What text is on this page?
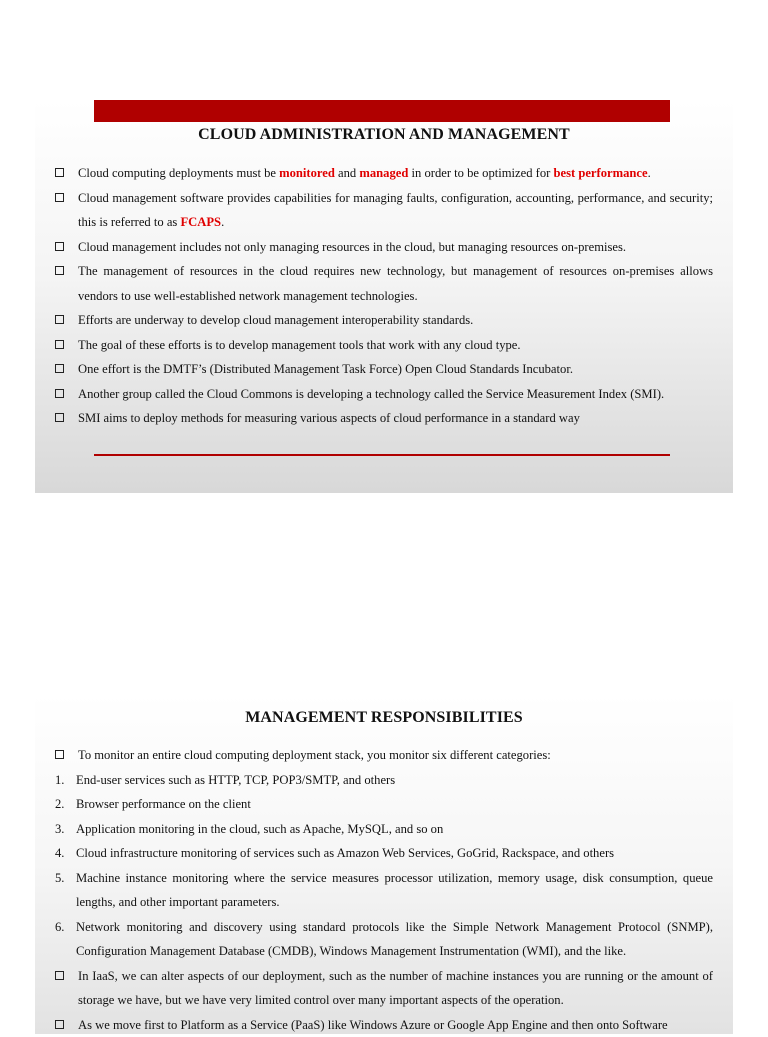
CLOUD ADMINISTRATION AND MANAGEMENT
Cloud computing deployments must be monitored and managed in order to be optimized for best performance.
Cloud management software provides capabilities for managing faults, configuration, accounting, performance, and security; this is referred to as FCAPS.
Cloud management includes not only managing resources in the cloud, but managing resources on-premises.
The management of resources in the cloud requires new technology, but management of resources on-premises allows vendors to use well-established network management technologies.
Efforts are underway to develop cloud management interoperability standards.
The goal of these efforts is to develop management tools that work with any cloud type.
One effort is the DMTF’s (Distributed Management Task Force) Open Cloud Standards Incubator.
Another group called the Cloud Commons is developing a technology called the Service Measurement Index (SMI).
SMI aims to deploy methods for measuring various aspects of cloud performance in a standard way
MANAGEMENT RESPONSIBILITIES
To monitor an entire cloud computing deployment stack, you monitor six different categories:
1. End-user services such as HTTP, TCP, POP3/SMTP, and others
2. Browser performance on the client
3. Application monitoring in the cloud, such as Apache, MySQL, and so on
4. Cloud infrastructure monitoring of services such as Amazon Web Services, GoGrid, Rackspace, and others
5. Machine instance monitoring where the service measures processor utilization, memory usage, disk consumption, queue lengths, and other important parameters.
6. Network monitoring and discovery using standard protocols like the Simple Network Management Protocol (SNMP), Configuration Management Database (CMDB), Windows Management Instrumentation (WMI), and the like.
In IaaS, we can alter aspects of our deployment, such as the number of machine instances you are running or the amount of storage we have, but we have very limited control over many important aspects of the operation.
As we move first to Platform as a Service (PaaS) like Windows Azure or Google App Engine and then onto Software
